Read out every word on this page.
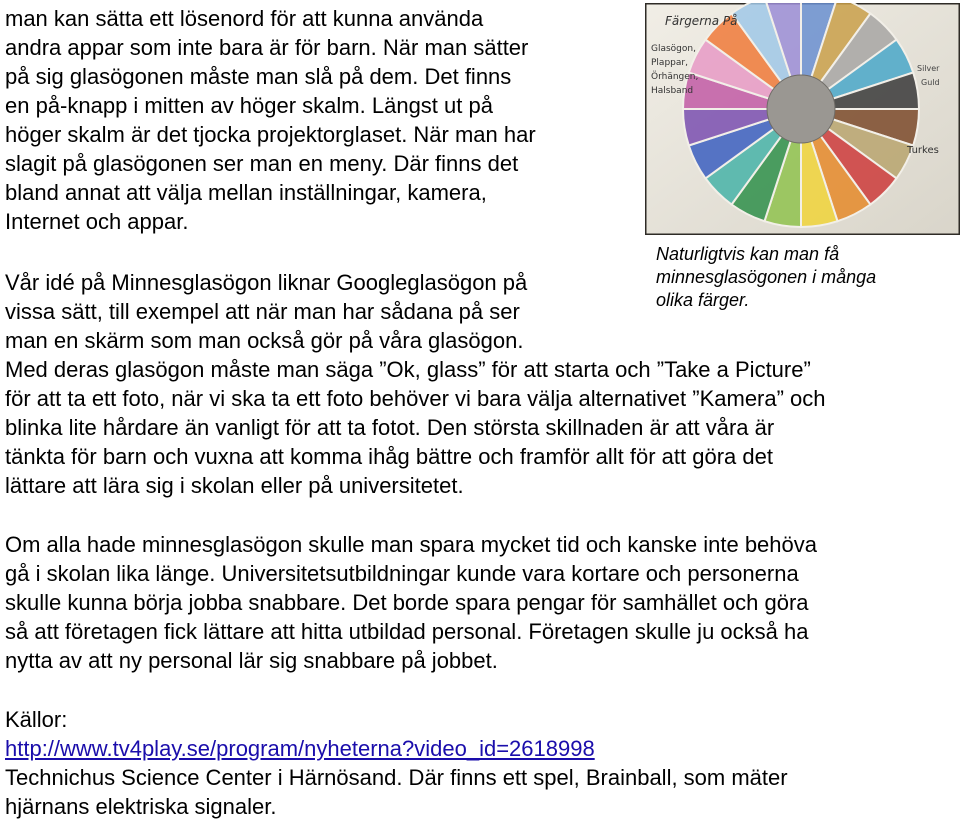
man kan sätta ett lösenord för att kunna använda
andra appar som inte bara är för barn. När man sätter
på sig glasögonen måste man slå på dem. Det finns
en på-knapp i mitten av höger skalm. Längst ut på
höger skalm är det tjocka projektorglaset. När man har
slagit på glasögonen ser man en meny. Där finns det
bland annat att välja mellan inställningar, kamera,
Internet och appar.
Färgerna På
Glasögon,
Plappar,
Örhängen,
Halsband
Silver
Guld
Turkes
Naturligtvis kan man få
minnesglasögonen i många
olika färger.
Vår idé på Minnesglasögon liknar Googleglasögon på
vissa sätt, till exempel att när man har sådana på ser
man en skärm som man också gör på våra glasögon.
Med deras glasögon måste man säga ”Ok, glass” för att starta och ”Take a Picture”
för att ta ett foto, när vi ska ta ett foto behöver vi bara välja alternativet ”Kamera” och
blinka lite hårdare än vanligt för att ta fotot. Den största skillnaden är att våra är
tänkta för barn och vuxna att komma ihåg bättre och framför allt för att göra det
lättare att lära sig i skolan eller på universitetet.
Om alla hade minnesglasögon skulle man spara mycket tid och kanske inte behöva
gå i skolan lika länge. Universitetsutbildningar kunde vara kortare och personerna
skulle kunna börja jobba snabbare. Det borde spara pengar för samhället och göra
så att företagen fick lättare att hitta utbildad personal. Företagen skulle ju också ha
nytta av att ny personal lär sig snabbare på jobbet.
Källor:
http://www.tv4play.se/program/nyheterna?video_id=2618998
Technichus Science Center i Härnösand. Där finns ett spel, Brainball, som mäter
hjärnans elektriska signaler.
